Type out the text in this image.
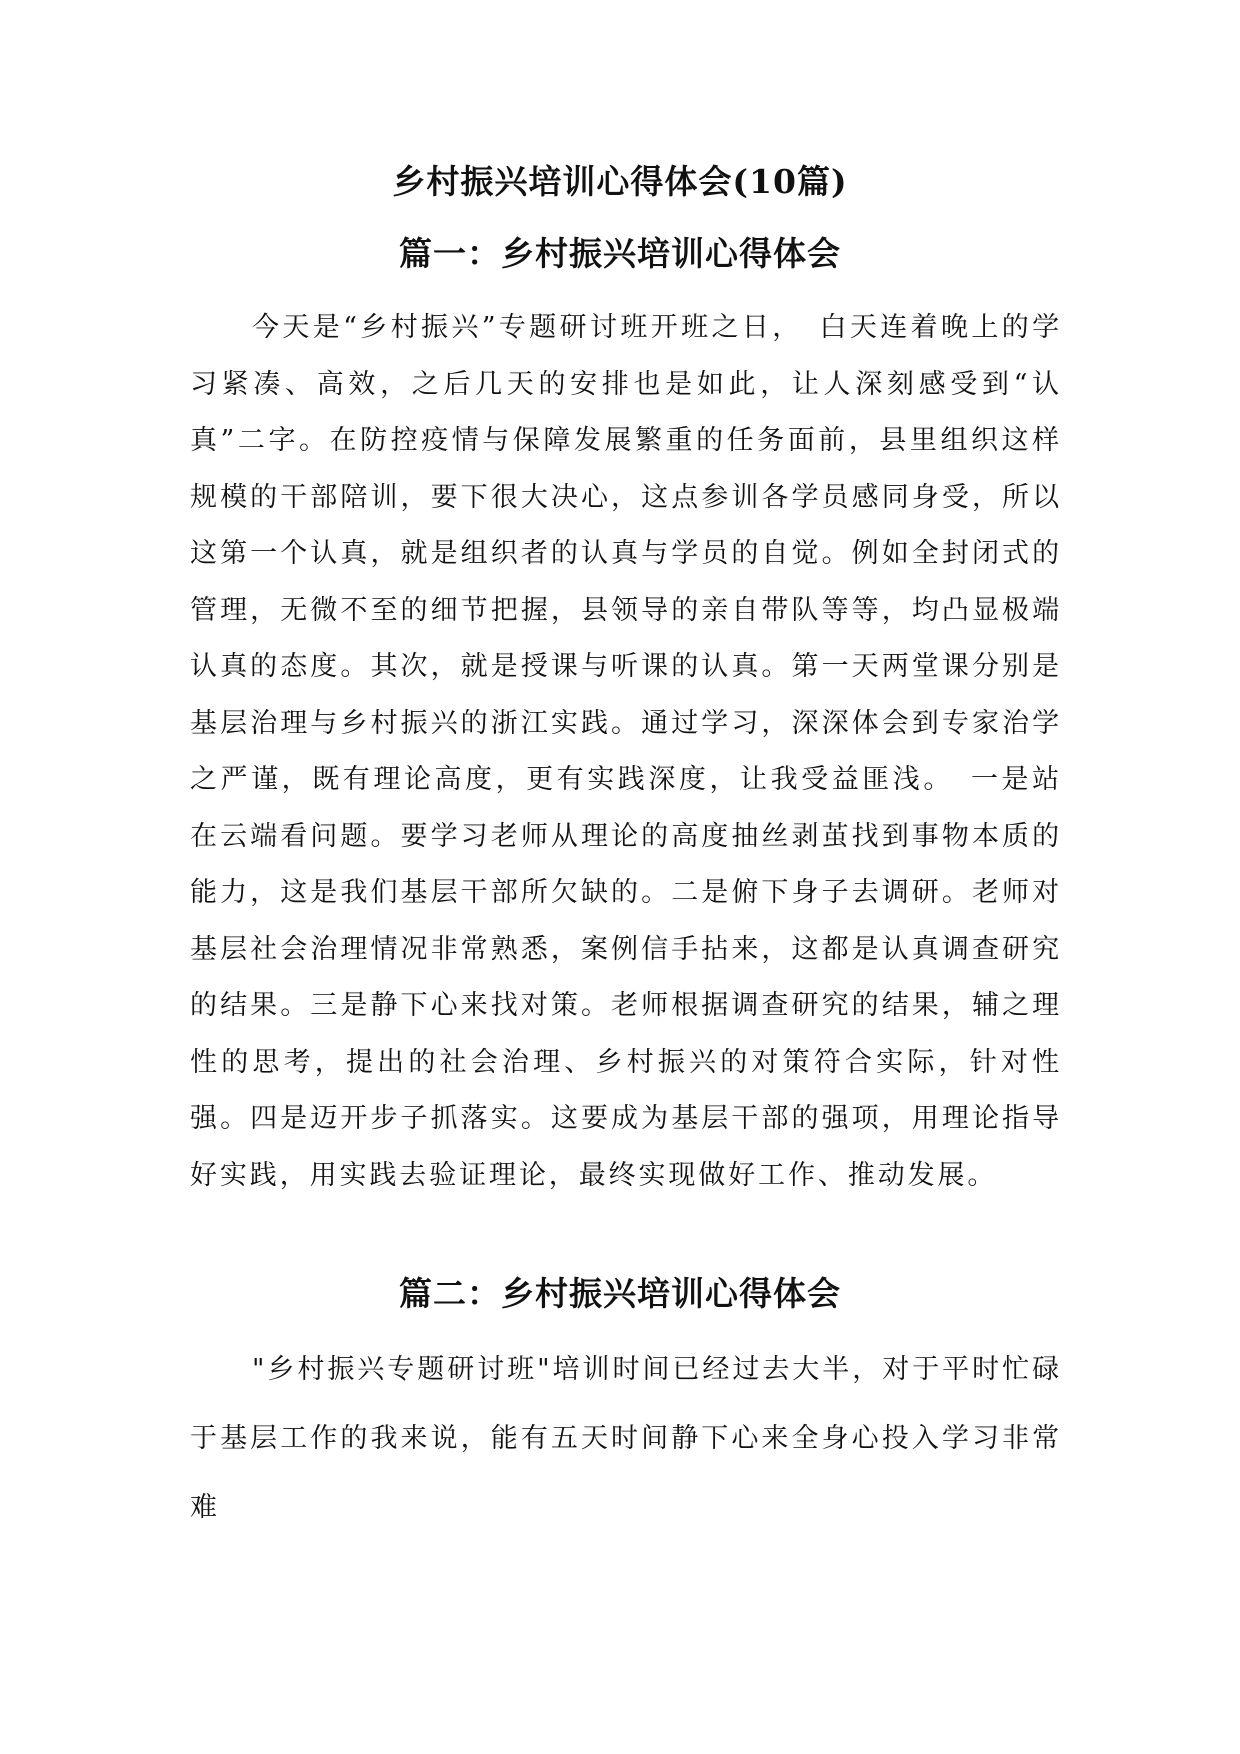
乡村振兴培训心得体会(10篇)
篇一：乡村振兴培训心得体会

今天是“乡村振兴”专题研讨班开班之日，　白天连着晚上的学习紧凑、高效，之后几天的安排也是如此，让人深刻感受到“认真”二字。在防控疫情与保障发展繁重的任务面前，县里组织这样规模的干部陪训，要下很大决心，这点参训各学员感同身受，所以这第一个认真，就是组织者的认真与学员的自觉。例如全封闭式的管理，无微不至的细节把握，县领导的亲自带队等等，均凸显极端认真的态度。其次，就是授课与听课的认真。第一天两堂课分别是基层治理与乡村振兴的浙江实践。通过学习，深深体会到专家治学之严谨，既有理论高度，更有实践深度，让我受益匪浅。　一是站在云端看问题。要学习老师从理论的高度抽丝剥茧找到事物本质的能力，这是我们基层干部所欠缺的。二是俯下身子去调研。老师对基层社会治理情况非常熟悉，案例信手拈来，这都是认真调查研究的结果。三是静下心来找对策。老师根据调查研究的结果，辅之理性的思考，提出的社会治理、乡村振兴的对策符合实际，针对性强。四是迈开步子抓落实。这要成为基层干部的强项，用理论指导好实践，用实践去验证理论，最终实现做好工作、推动发展。

篇二：乡村振兴培训心得体会

"乡村振兴专题研讨班"培训时间已经过去大半，对于平时忙碌于基层工作的我来说，能有五天时间静下心来全身心投入学习非常难
